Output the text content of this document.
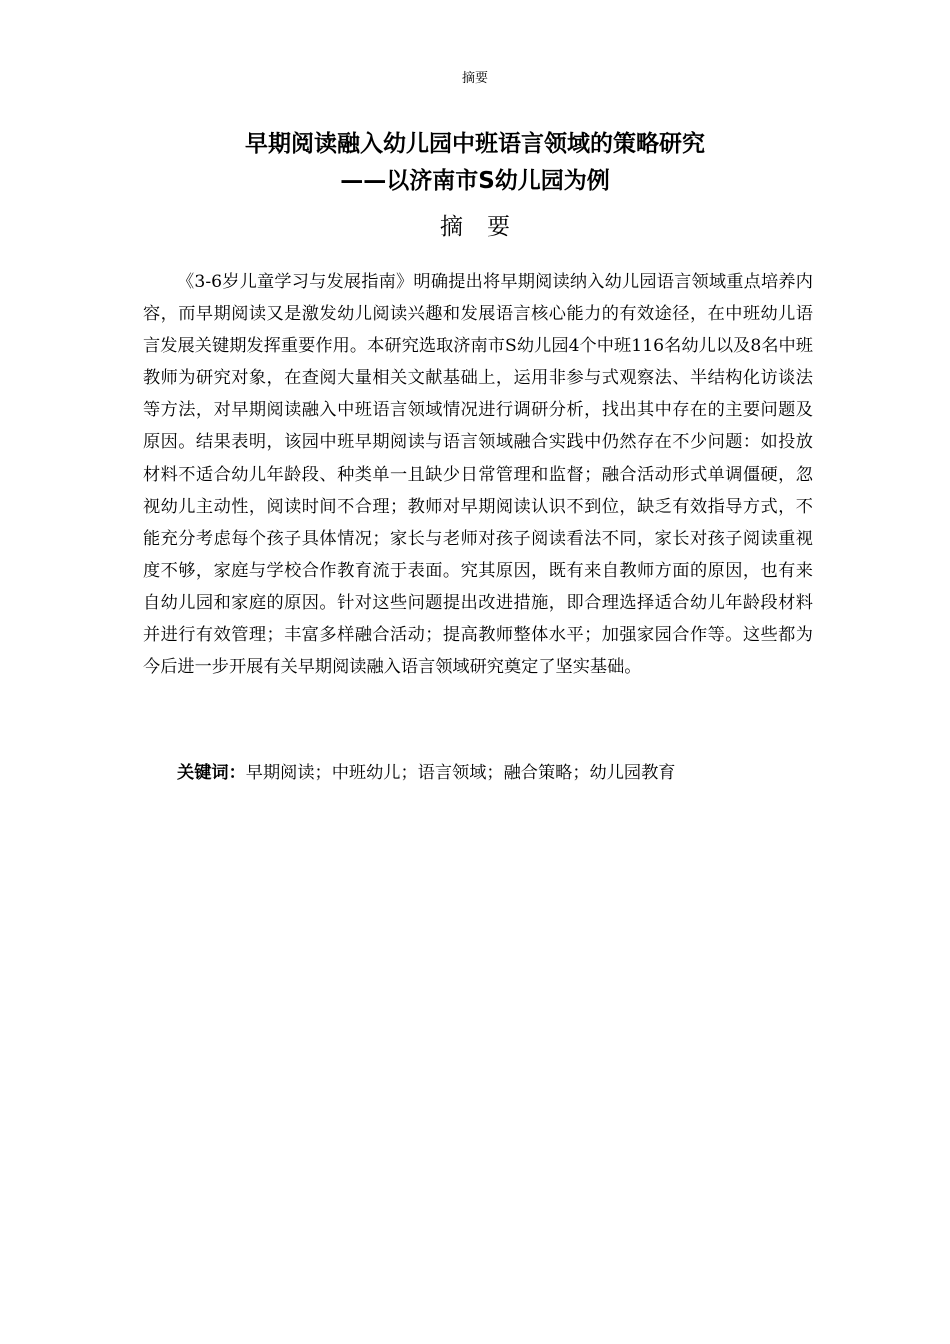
摘要

早期阅读融入幼儿园中班语言领域的策略研究

——以济南市S幼儿园为例

摘要

《3-6岁儿童学习与发展指南》明确提出将早期阅读纳入幼儿园语言领域重点培养内容，而早期阅读又是激发幼儿阅读兴趣和发展语言核心能力的有效途径，在中班幼儿语言发展关键期发挥重要作用。本研究选取济南市S幼儿园4个中班116名幼儿以及8名中班教师为研究对象，在查阅大量相关文献基础上，运用非参与式观察法、半结构化访谈法等方法，对早期阅读融入中班语言领域情况进行调研分析，找出其中存在的主要问题及原因。结果表明，该园中班早期阅读与语言领域融合实践中仍然存在不少问题：如投放材料不适合幼儿年龄段、种类单一且缺少日常管理和监督；融合活动形式单调僵硬，忽视幼儿主动性，阅读时间不合理；教师对早期阅读认识不到位，缺乏有效指导方式，不能充分考虑每个孩子具体情况；家长与老师对孩子阅读看法不同，家长对孩子阅读重视度不够，家庭与学校合作教育流于表面。究其原因，既有来自教师方面的原因，也有来自幼儿园和家庭的原因。针对这些问题提出改进措施，即合理选择适合幼儿年龄段材料并进行有效管理；丰富多样融合活动；提高教师整体水平；加强家园合作等。这些都为今后进一步开展有关早期阅读融入语言领域研究奠定了坚实基础。

关键词：早期阅读；中班幼儿；语言领域；融合策略；幼儿园教育
